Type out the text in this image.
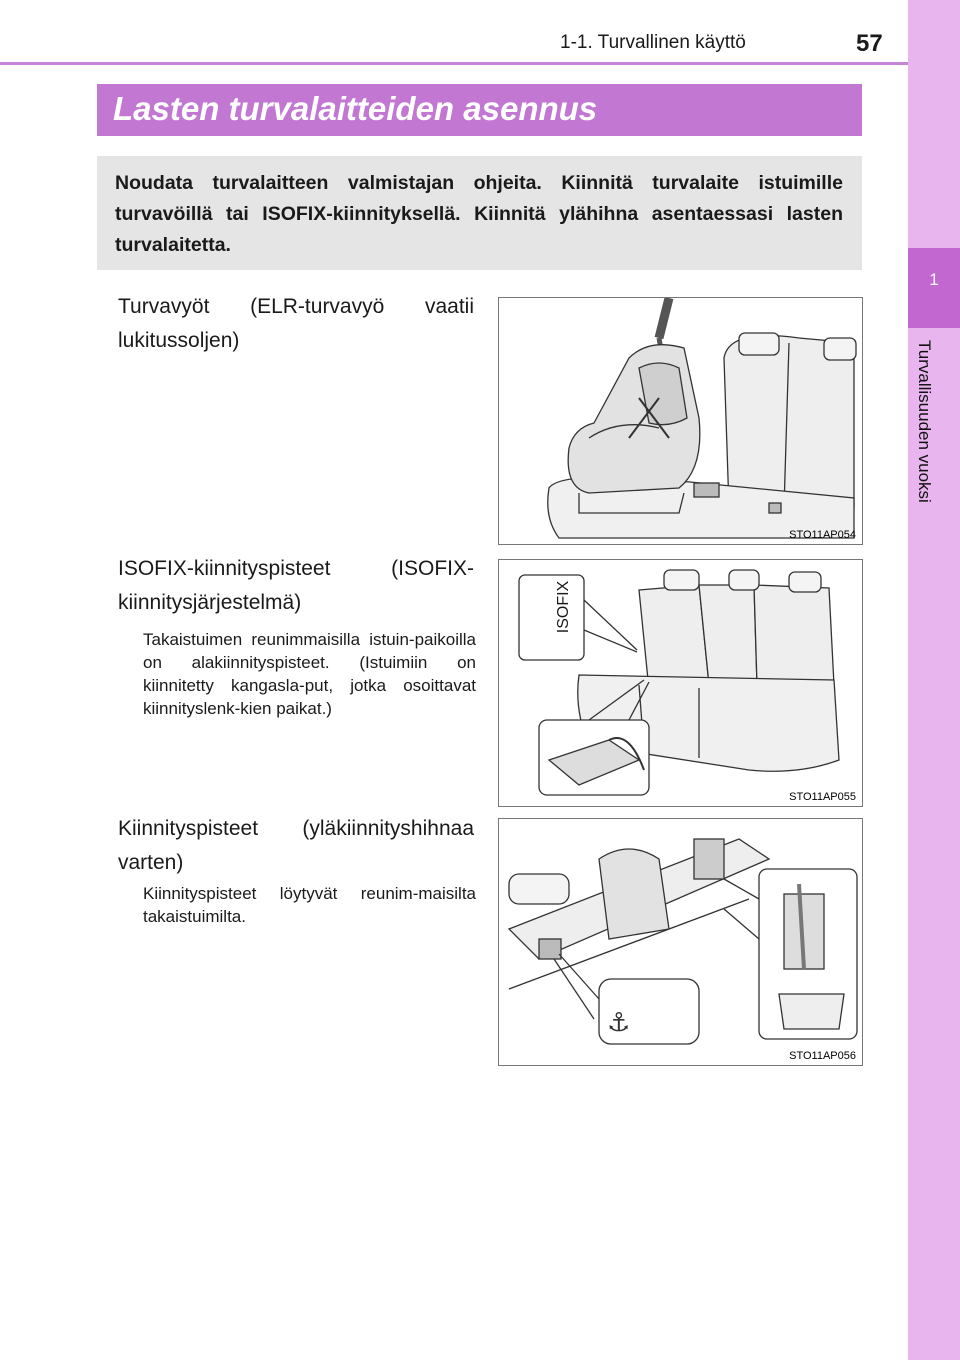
1-1. Turvallinen käyttö	57
1
Turvallisuuden vuoksi
Lasten turvalaitteiden asennus
Noudata turvalaitteen valmistajan ohjeita. Kiinnitä turvalaite istuimille turvavöillä tai ISOFIX-kiinnityksellä. Kiinnitä ylähihna asentaessasi lasten turvalaitetta.
Turvavyöt (ELR-turvavyö vaatii lukitussoljen)
STO11AP054
ISOFIX-kiinnityspisteet (ISOFIX-kiinnitysjärjestelmä)
Takaistuimen reunimmaisilla istuin-paikoilla on alakiinnityspisteet. (Istuimiin on kiinnitetty kangasla-put, jotka osoittavat kiinnityslenk-kien paikat.)
ISOFIX
STO11AP055
Kiinnityspisteet (yläkiinnityshihnaa varten)
Kiinnityspisteet löytyvät reunim-maisilta takaistuimilta.
⚓
STO11AP056
